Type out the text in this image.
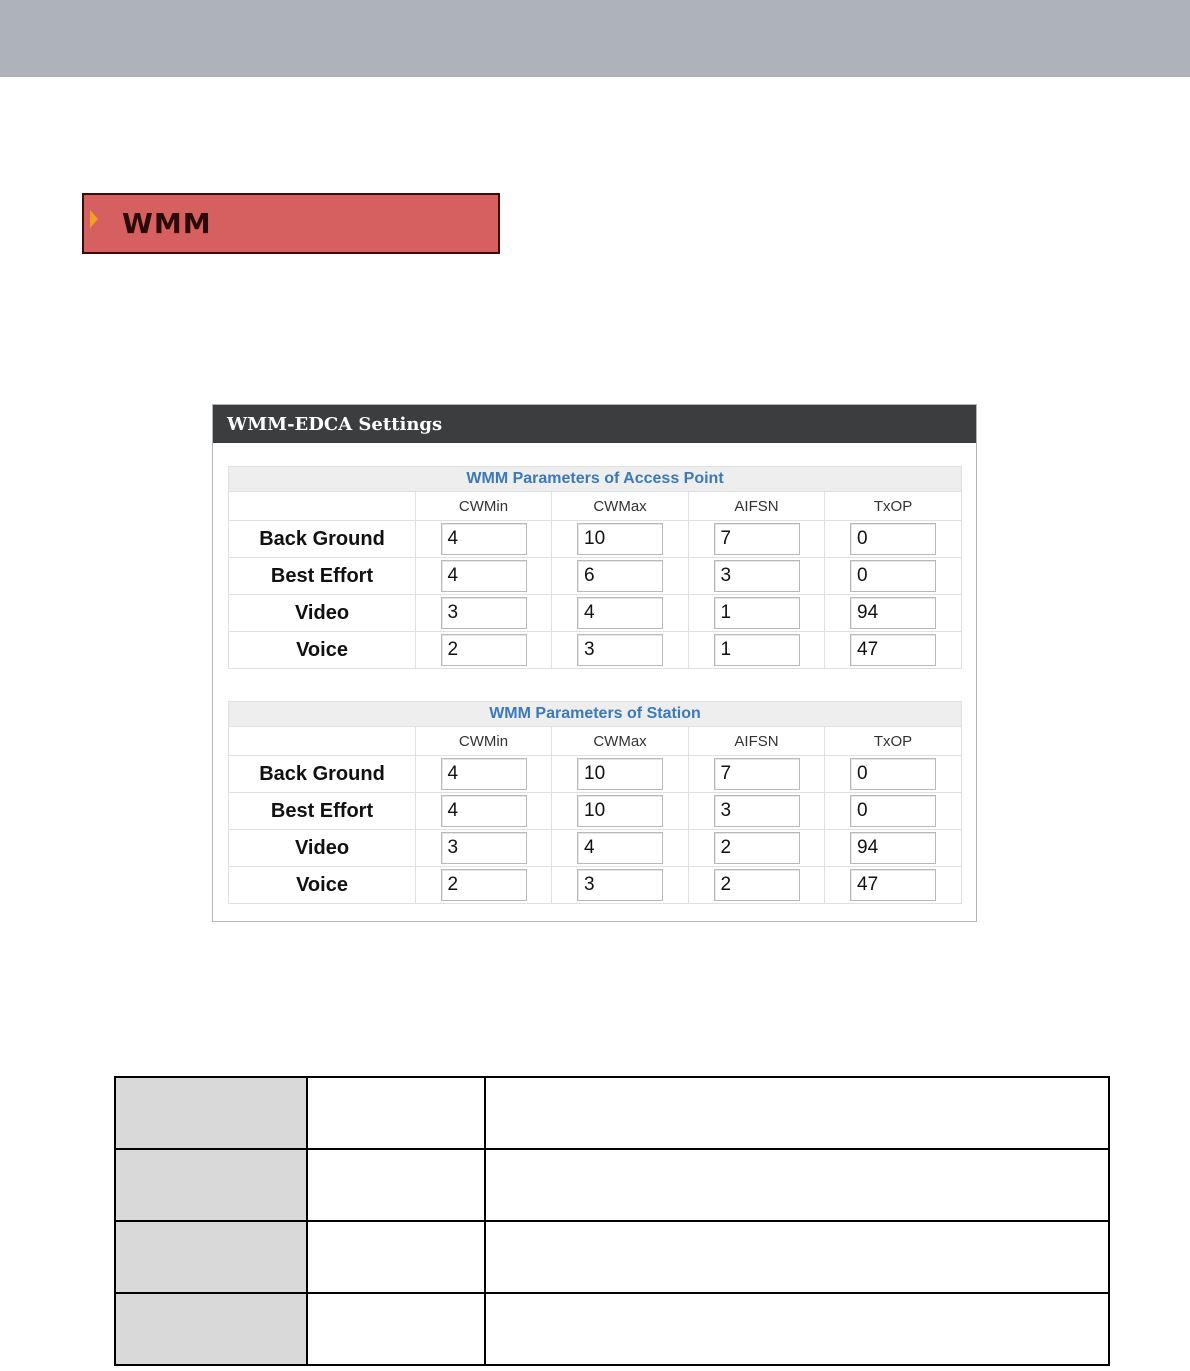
WMM
WMM-EDCA Settings
WMM Parameters of Access Point				
	CWMin	CWMax	AIFSN	TxOP
Back Ground	4	10	7	0
Best Effort	4	6	3	0
Video	3	4	1	94
Voice	2	3	1	47
WMM Parameters of Station				
	CWMin	CWMax	AIFSN	TxOP
Back Ground	4	10	7	0
Best Effort	4	10	3	0
Video	3	4	2	94
Voice	2	3	2	47
